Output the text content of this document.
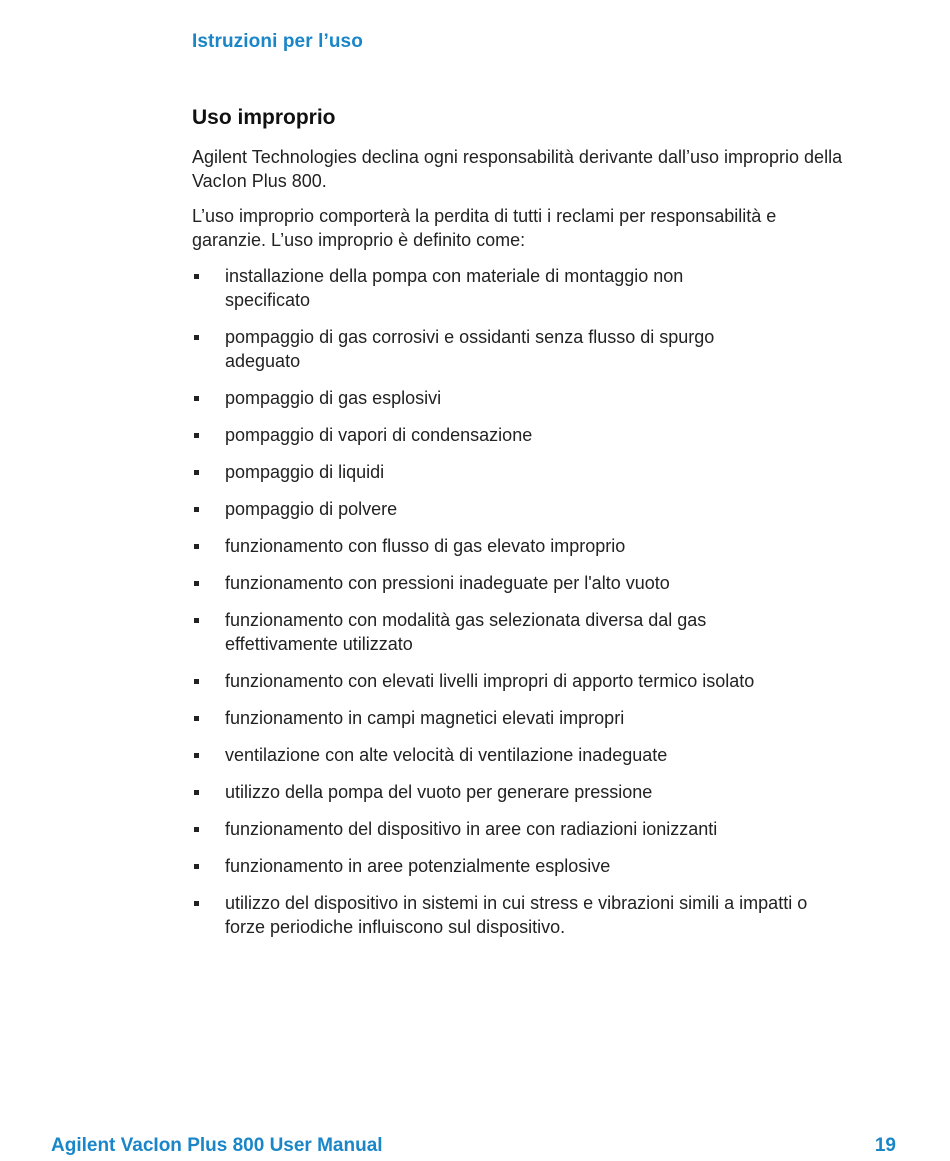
Istruzioni per l’uso
Uso improprio

Agilent Technologies declina ogni responsabilità derivante dall’uso improprio della VacIon Plus 800.

L’uso improprio comporterà la perdita di tutti i reclami per responsabilità e garanzie. L’uso improprio è definito come:

installazione della pompa con materiale di montaggio non specificato
pompaggio di gas corrosivi e ossidanti senza flusso di spurgo adeguato
pompaggio di gas esplosivi
pompaggio di vapori di condensazione
pompaggio di liquidi
pompaggio di polvere
funzionamento con flusso di gas elevato improprio
funzionamento con pressioni inadeguate per l'alto vuoto
funzionamento con modalità gas selezionata diversa dal gas effettivamente utilizzato
funzionamento con elevati livelli impropri di apporto termico isolato
funzionamento in campi magnetici elevati impropri
ventilazione con alte velocità di ventilazione inadeguate
utilizzo della pompa del vuoto per generare pressione
funzionamento del dispositivo in aree con radiazioni ionizzanti
funzionamento in aree potenzialmente esplosive
utilizzo del dispositivo in sistemi in cui stress e vibrazioni simili a impatti o forze periodiche influiscono sul dispositivo.
Agilent VacIon Plus 800 User Manual	19
